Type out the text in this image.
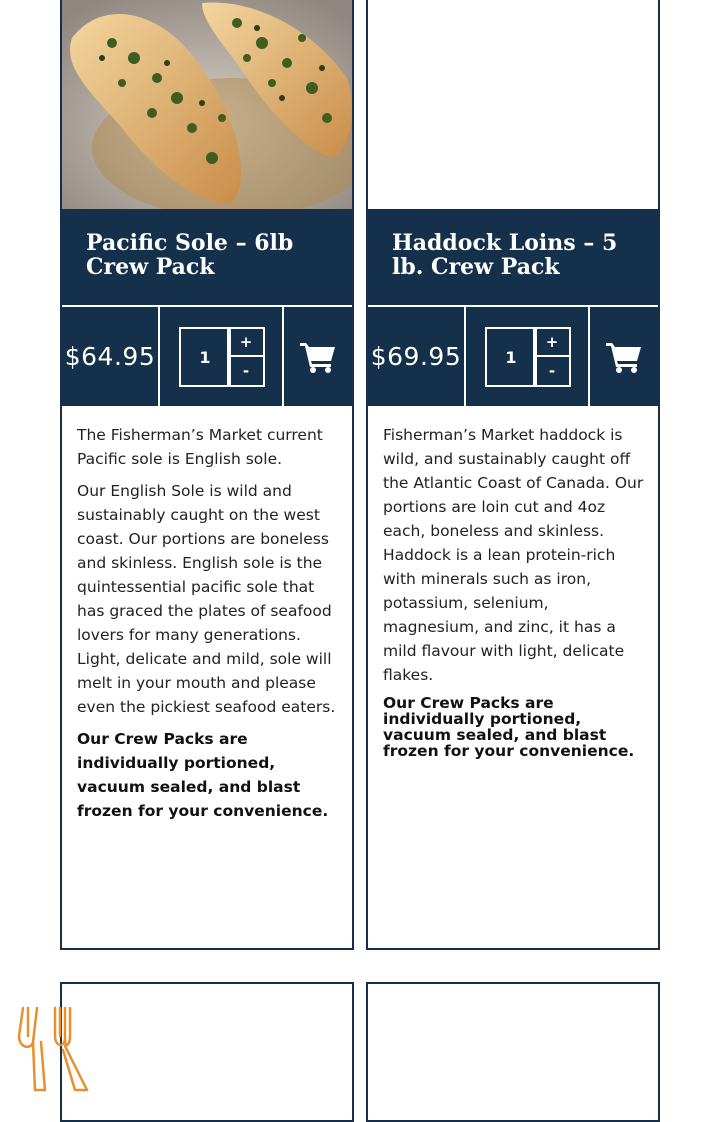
Pacific Sole – 6lb Crew Pack
$64.95	1
+
-

The Fisherman’s Market current Pacific sole is English sole.

Our English Sole is wild and sustainably caught on the west coast. Our portions are boneless and skinless. English sole is the quintessential pacific sole that has graced the plates of seafood lovers for many generations. Light, delicate and mild, sole will melt in your mouth and please even the pickiest seafood eaters.

Our Crew Packs are individually portioned, vacuum sealed, and blast frozen for your convenience.

Haddock Loins – 5 lb. Crew Pack
$69.95	1
+
-

Fisherman’s Market haddock is wild, and sustainably caught off the Atlantic Coast of Canada. Our portions are loin cut and 4oz each, boneless and skinless. Haddock is a lean protein-rich with minerals such as iron, potassium, selenium, magnesium, and zinc, it has a mild flavour with light, delicate flakes.

Our Crew Packs are individually portioned, vacuum sealed, and blast frozen for your convenience.
